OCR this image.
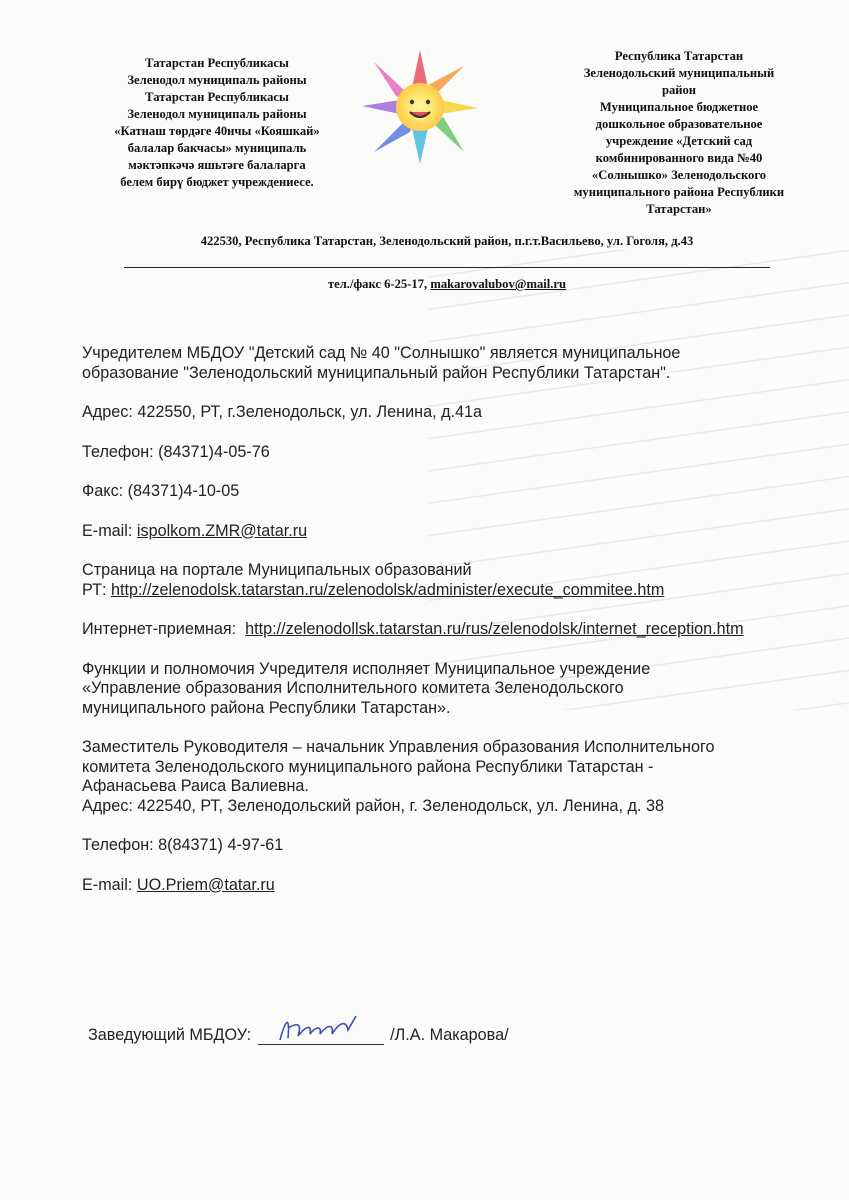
Татарстан Республикасы
Зеленодол муниципаль районы
Татарстан Республикасы
Зеленодол муниципаль районы
«Катнаш төрдәге 40нчы «Кояшкай»
балалар бакчасы» муниципаль
мәктәпкәчә яшьтәге балаларга
белем бирү бюджет учреждениесе.
Республика Татарстан
Зеленодольский муниципальный
район
Муниципальное бюджетное
дошкольное образовательное
учреждение «Детский сад
комбинированного вида №40
«Солнышко» Зеленодольского
муниципального района Республики
Татарстан»
422530, Республика Татарстан, Зеленодольский район, п.г.т.Васильево, ул. Гоголя, д.43
тел./факс 6-25-17, makarovalubov@mail.ru
Учредителем МБДОУ "Детский сад № 40 "Солнышко" является муниципальное
образование "Зеленодольский муниципальный район Республики Татарстан".
Адрес: 422550, РТ, г.Зеленодольск, ул. Ленина, д.41а
Телефон: (84371)4-05-76
Факс: (84371)4-10-05
E-mail: ispolkom.ZMR@tatar.ru
Страница на портале Муниципальных образований
РТ: http://zelenodolsk.tatarstan.ru/zelenodolsk/administer/execute_commitee.htm
Интернет-приемная: http://zelenodollsk.tatarstan.ru/rus/zelenodolsk/internet_reception.htm
Функции и полномочия Учредителя исполняет Муниципальное учреждение
«Управление образования Исполнительного комитета Зеленодольского
муниципального района Республики Татарстан».
Заместитель Руководителя – начальник Управления образования Исполнительного
комитета Зеленодольского муниципального района Республики Татарстан -
Афанасьева Раиса Валиевна.
Адрес: 422540, РТ, Зеленодольский район, г. Зеленодольск, ул. Ленина, д. 38
Телефон: 8(84371) 4-97-61
E-mail: UO.Priem@tatar.ru
Заведующий МБДОУ:	/Л.А. Макарова/
